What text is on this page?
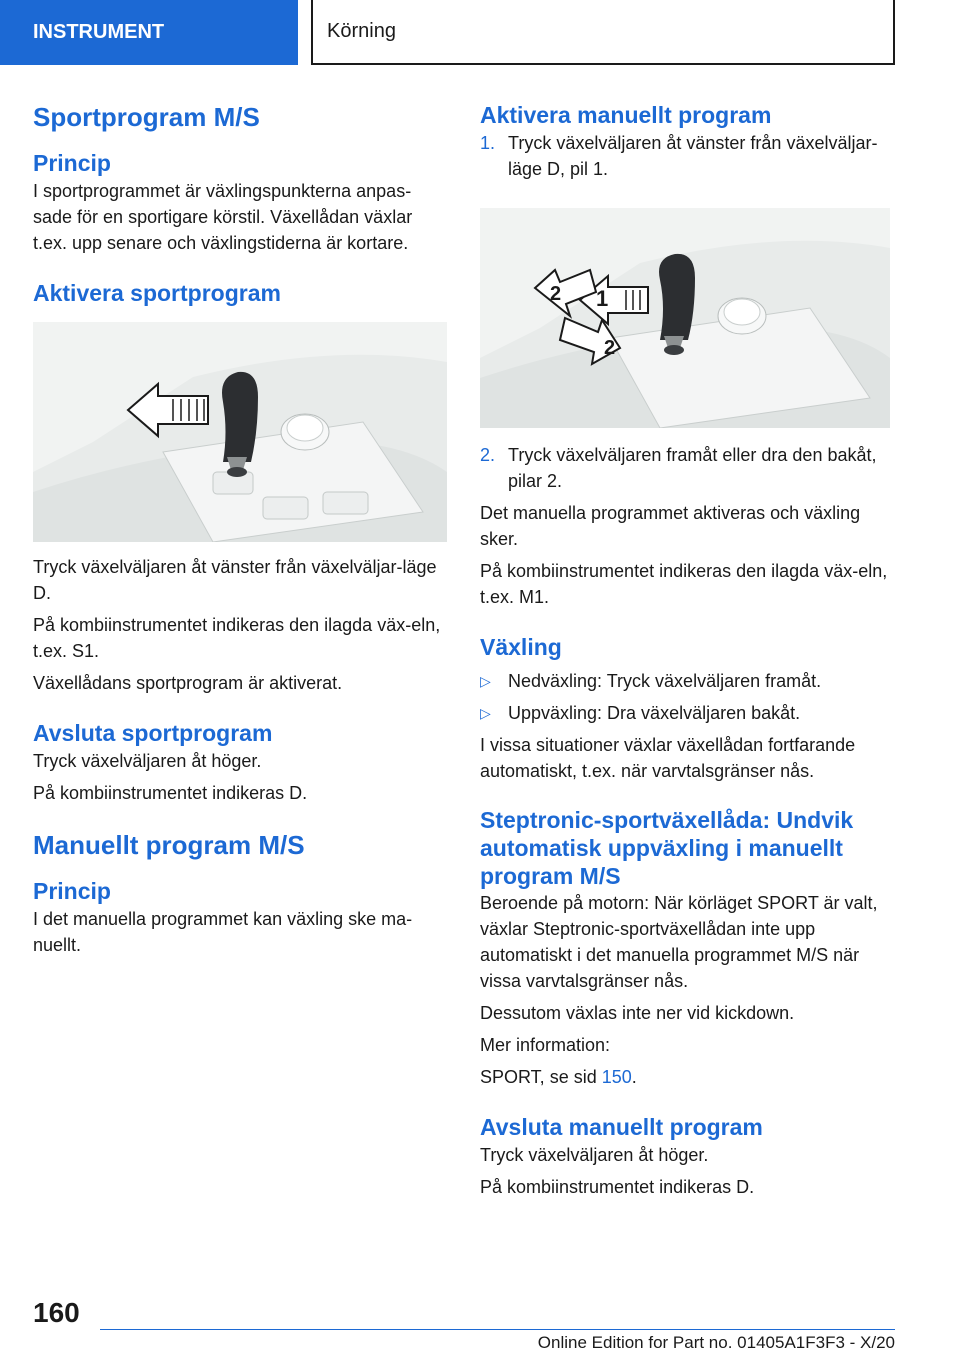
INSTRUMENT	Körning
Sportprogram M/S
Princip

I sportprogrammet är växlingspunkterna anpas-sade för en sportigare körstil. Växellådan växlar t.ex. upp senare och växlingstiderna är kortare.

Aktivera sportprogram

Tryck växelväljaren åt vänster från växelväljar-läge D.

På kombiinstrumentet indikeras den ilagda väx-eln, t.ex. S1.

Växellådans sportprogram är aktiverat.

Avsluta sportprogram

Tryck växelväljaren åt höger.

På kombiinstrumentet indikeras D.

Manuellt program M/S
Princip

I det manuella programmet kan växling ske ma-nuellt.

Aktivera manuellt program
1. Tryck växelväljaren åt vänster från växelväljar-läge D, pil 1.
1
2
2
2. Tryck växelväljaren framåt eller dra den bakåt, pilar 2.

Det manuella programmet aktiveras och växling sker.

På kombiinstrumentet indikeras den ilagda väx-eln, t.ex. M1.

Växling
▷ Nedväxling: Tryck växelväljaren framåt.
▷ Uppväxling: Dra växelväljaren bakåt.

I vissa situationer växlar växellådan fortfarande automatiskt, t.ex. när varvtalsgränser nås.

Steptronic-sportväxellåda: Undvik automatisk uppväxling i manuellt program M/S

Beroende på motorn: När körläget SPORT är valt, växlar Steptronic-sportväxellådan inte upp automatiskt i det manuella programmet M/S när vissa varvtalsgränser nås.

Dessutom växlas inte ner vid kickdown.

Mer information:

SPORT, se sid 150.

Avsluta manuellt program

Tryck växelväljaren åt höger.

På kombiinstrumentet indikeras D.

160
Online Edition for Part no. 01405A1F3F3 - X/20
